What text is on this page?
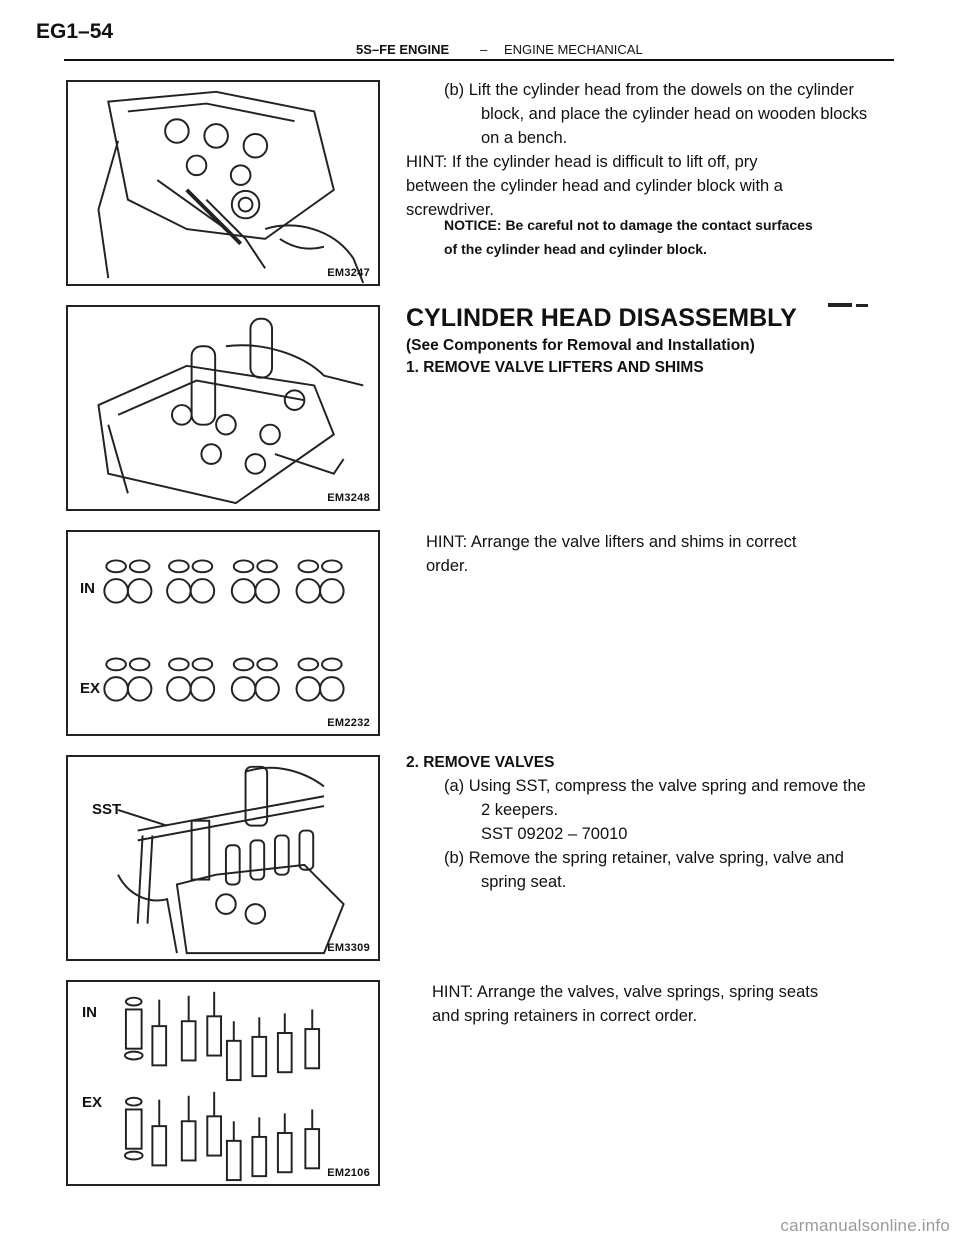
EG1–54
5S–FE ENGINE – ENGINE MECHANICAL
EM3247
EM3248
IN
EX
EM2232
SST
EM3309
IN
EX
EM2106
(b) Lift the cylinder head from the dowels on the cylinder
block, and place the cylinder head on wooden blocks
on a bench.
HINT: If the cylinder head is difficult to lift off, pry
between the cylinder head and cylinder block with a
screwdriver.
NOTICE: Be careful not to damage the contact surfaces
of the cylinder head and cylinder block.
CYLINDER HEAD DISASSEMBLY
(See Components for Removal and Installation)
1. REMOVE VALVE LIFTERS AND SHIMS
HINT: Arrange the valve lifters and shims in correct
order.
2. REMOVE VALVES
(a) Using SST, compress the valve spring and remove the
2 keepers.
SST 09202 – 70010
(b) Remove the spring retainer, valve spring, valve and
spring seat.
HINT: Arrange the valves, valve springs, spring seats
and spring retainers in correct order.
carmanualsonline.info
